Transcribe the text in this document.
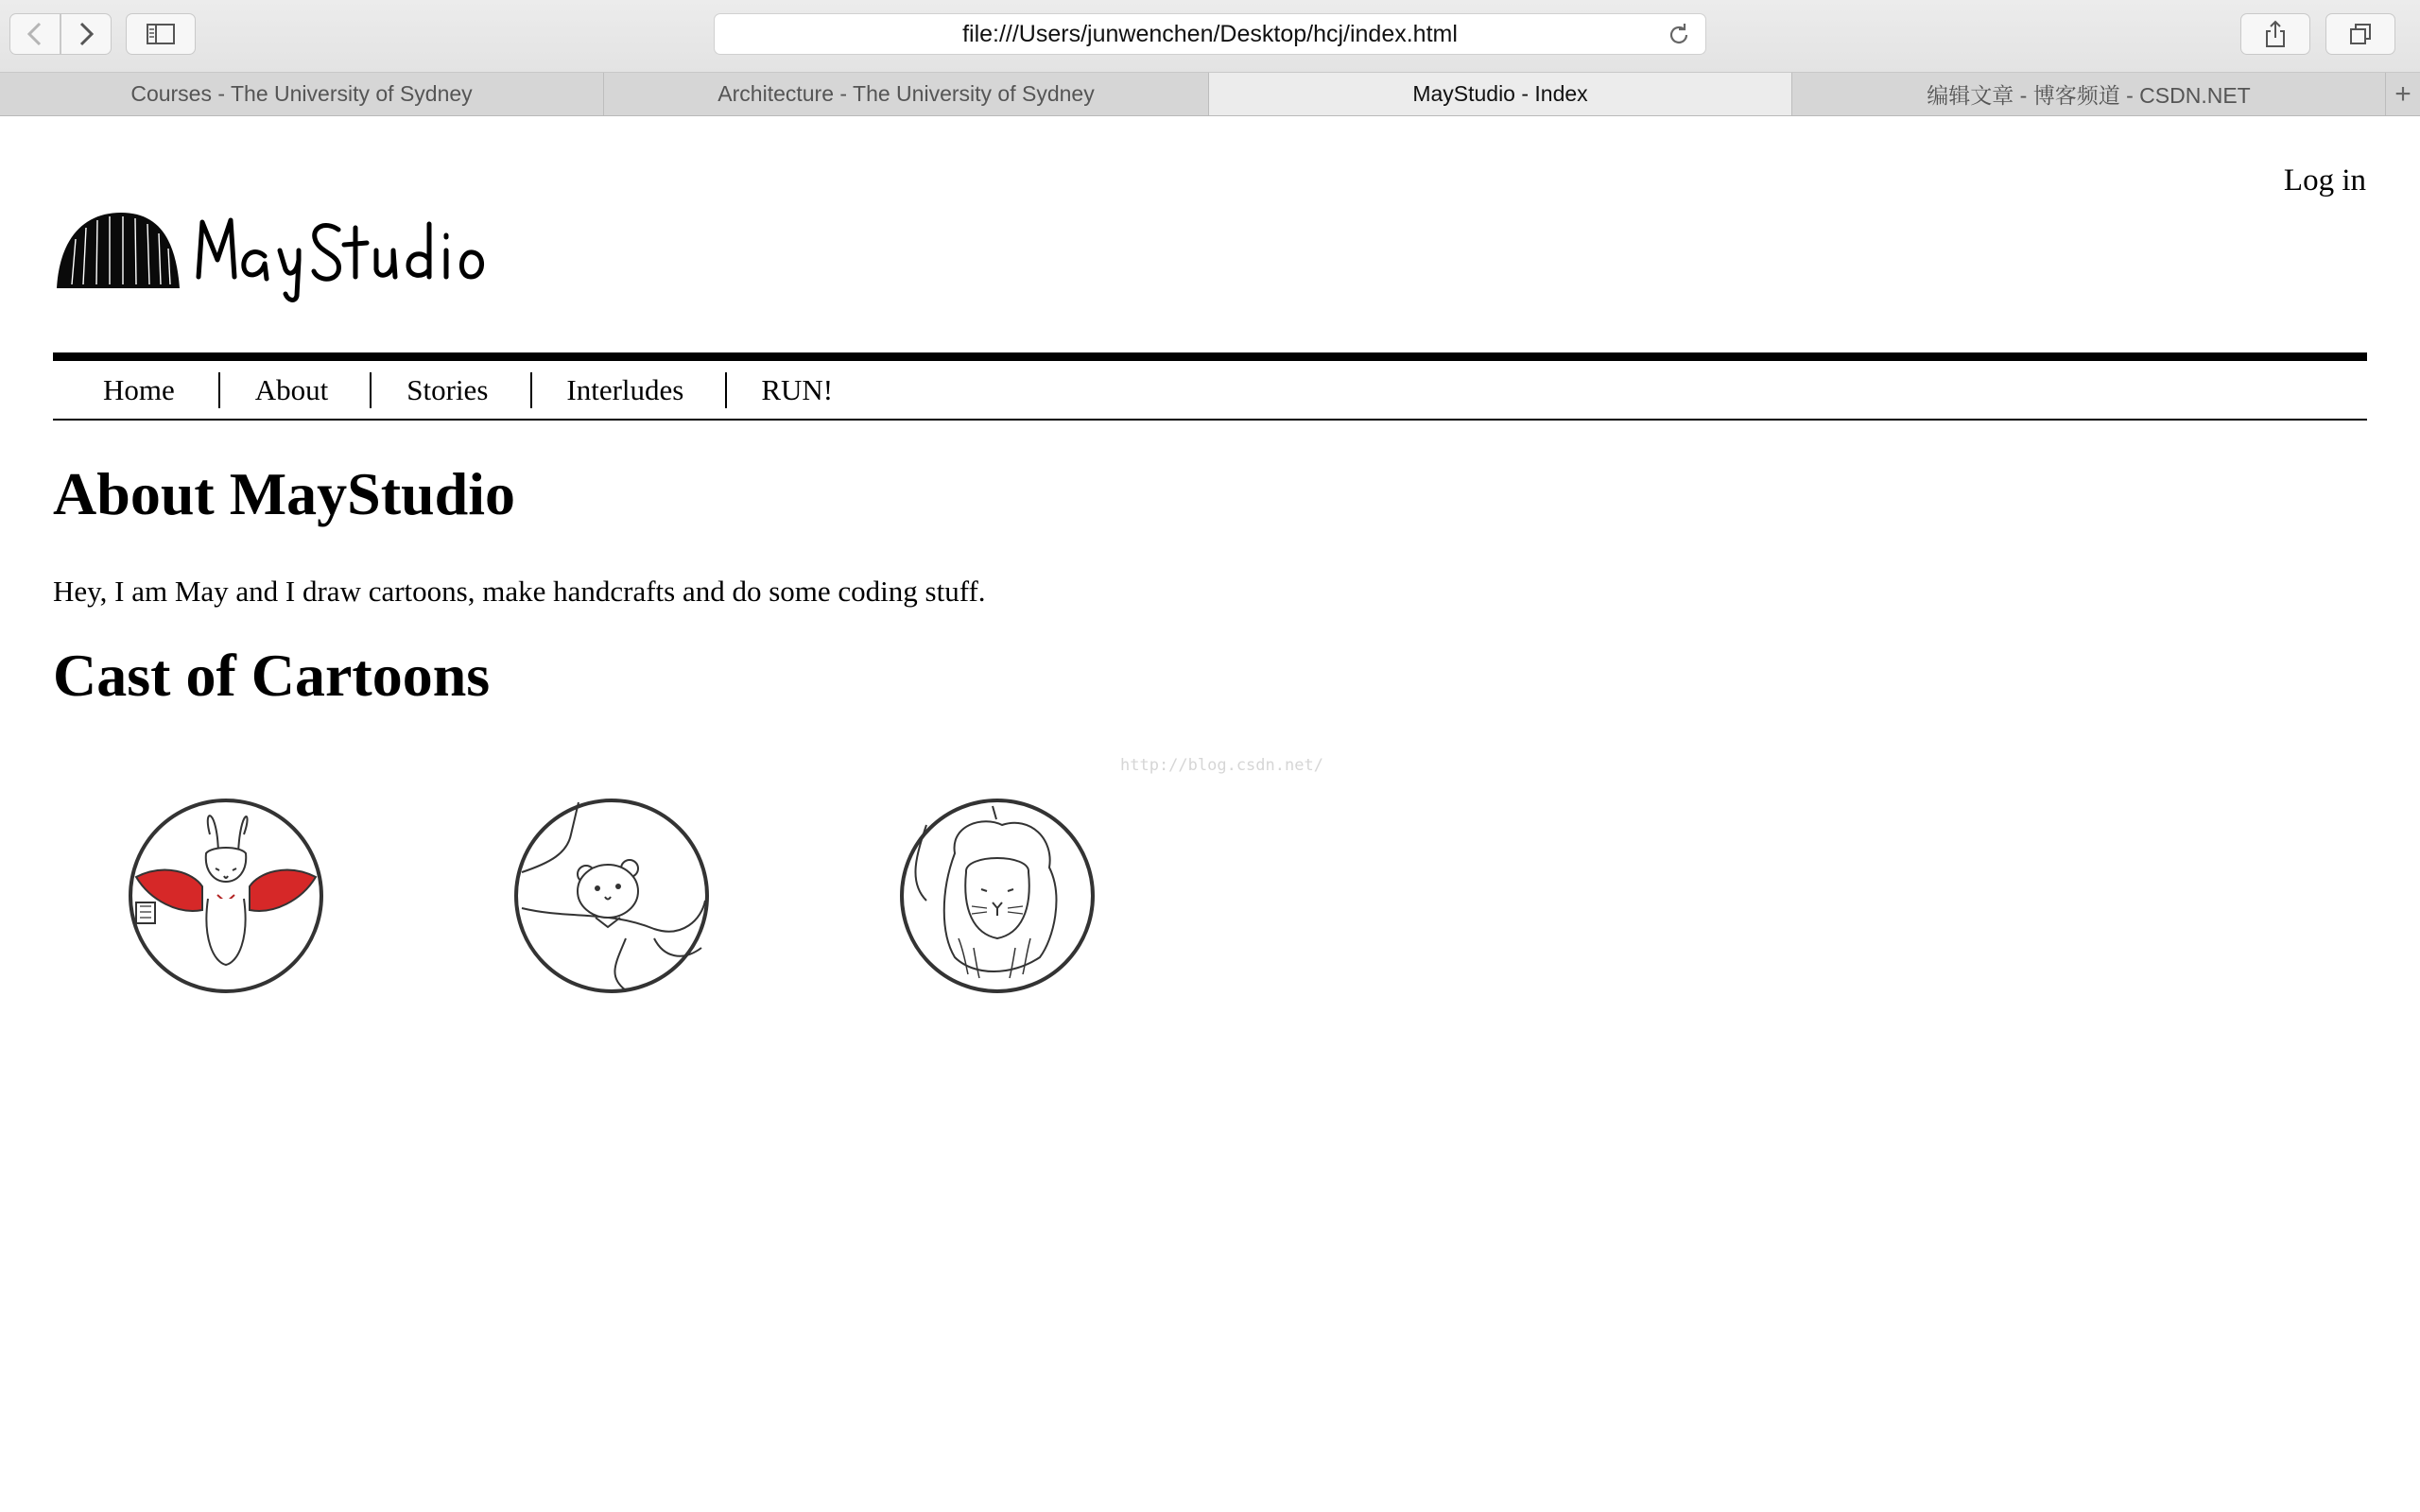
file:///Users/junwenchen/Desktop/hcj/index.html
Courses - The University of Sydney	Architecture - The University of Sydney	MayStudio - Index	编辑文章 - 博客频道 - CSDN.NET	+
Log in
Home	About	Stories	Interludes	RUN!
About MayStudio

Hey, I am May and I draw cartoons, make handcrafts and do some coding stuff.

Cast of Cartoons
http://blog.csdn.net/
